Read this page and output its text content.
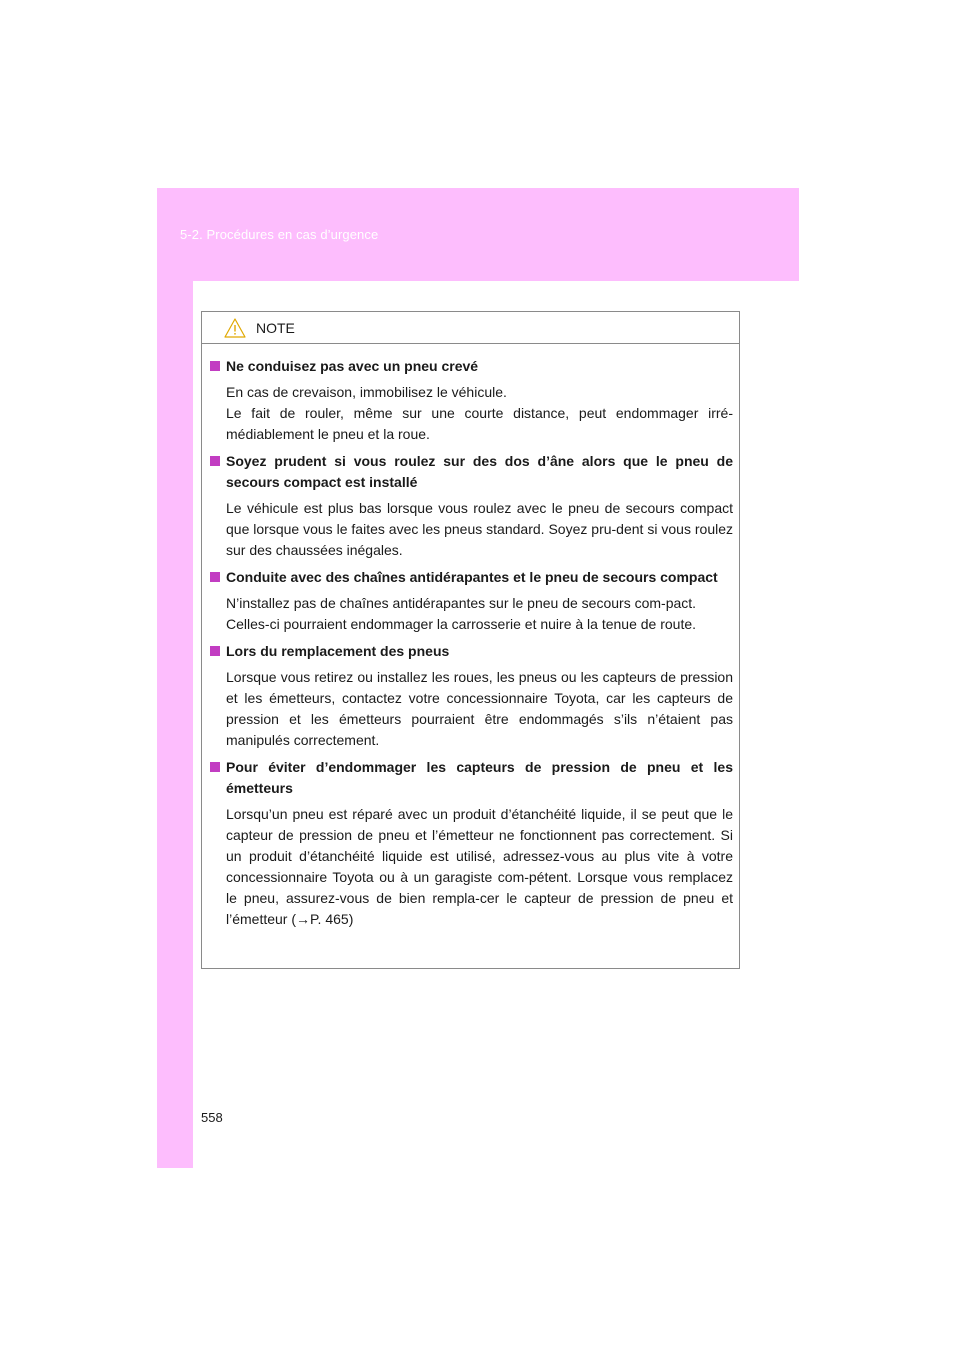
5-2. Procédures en cas d’urgence
NOTE
Ne conduisez pas avec un pneu crevé
En cas de crevaison, immobilisez le véhicule.
Le fait de rouler, même sur une courte distance, peut endommager irré-médiablement le pneu et la roue.
Soyez prudent si vous roulez sur des dos d’âne alors que le pneu de secours compact est installé
Le véhicule est plus bas lorsque vous roulez avec le pneu de secours compact que lorsque vous le faites avec les pneus standard. Soyez pru-dent si vous roulez sur des chaussées inégales.
Conduite avec des chaînes antidérapantes et le pneu de secours compact
N’installez pas de chaînes antidérapantes sur le pneu de secours com-pact.
Celles-ci pourraient endommager la carrosserie et nuire à la tenue de route.
Lors du remplacement des pneus
Lorsque vous retirez ou installez les roues, les pneus ou les capteurs de pression et les émetteurs, contactez votre concessionnaire Toyota, car les capteurs de pression et les émetteurs pourraient être endommagés s’ils n’étaient pas manipulés correctement.
Pour éviter d’endommager les capteurs de pression de pneu et les émetteurs
Lorsqu’un pneu est réparé avec un produit d’étanchéité liquide, il se peut que le capteur de pression de pneu et l’émetteur ne fonctionnent pas correctement. Si un produit d’étanchéité liquide est utilisé, adressez-vous au plus vite à votre concessionnaire Toyota ou à un garagiste com-pétent. Lorsque vous remplacez le pneu, assurez-vous de bien rempla-cer le capteur de pression de pneu et l’émetteur (→P. 465)
558
